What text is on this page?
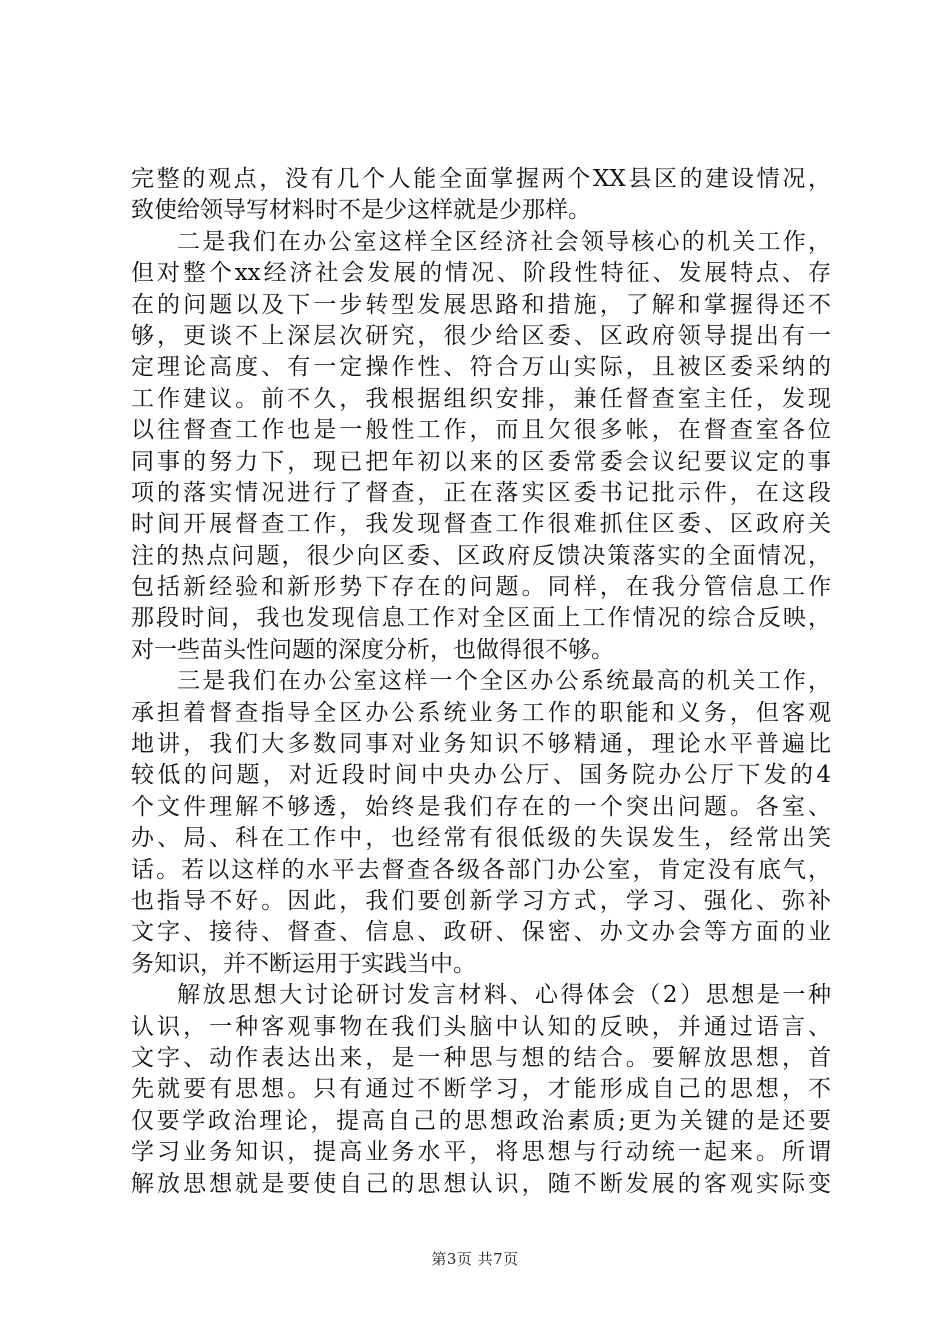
完整的观点，没有几个人能全面掌握两个XX县区的建设情况，
致使给领导写材料时不是少这样就是少那样。
二是我们在办公室这样全区经济社会领导核心的机关工作，
但对整个xx经济社会发展的情况、阶段性特征、发展特点、存
在的问题以及下一步转型发展思路和措施，了解和掌握得还不
够，更谈不上深层次研究，很少给区委、区政府领导提出有一
定理论高度、有一定操作性、符合万山实际，且被区委采纳的
工作建议。前不久，我根据组织安排，兼任督查室主任，发现
以往督查工作也是一般性工作，而且欠很多帐，在督查室各位
同事的努力下，现已把年初以来的区委常委会议纪要议定的事
项的落实情况进行了督查，正在落实区委书记批示件，在这段
时间开展督查工作，我发现督查工作很难抓住区委、区政府关
注的热点问题，很少向区委、区政府反馈决策落实的全面情况，
包括新经验和新形势下存在的问题。同样，在我分管信息工作
那段时间，我也发现信息工作对全区面上工作情况的综合反映，
对一些苗头性问题的深度分析，也做得很不够。
三是我们在办公室这样一个全区办公系统最高的机关工作，
承担着督查指导全区办公系统业务工作的职能和义务，但客观
地讲，我们大多数同事对业务知识不够精通，理论水平普遍比
较低的问题，对近段时间中央办公厅、国务院办公厅下发的4
个文件理解不够透，始终是我们存在的一个突出问题。各室、
办、局、科在工作中，也经常有很低级的失误发生，经常出笑
话。若以这样的水平去督查各级各部门办公室，肯定没有底气，
也指导不好。因此，我们要创新学习方式，学习、强化、弥补
文字、接待、督查、信息、政研、保密、办文办会等方面的业
务知识，并不断运用于实践当中。
解放思想大讨论研讨发言材料、心得体会（2）思想是一种
认识，一种客观事物在我们头脑中认知的反映，并通过语言、
文字、动作表达出来，是一种思与想的结合。要解放思想，首
先就要有思想。只有通过不断学习，才能形成自己的思想，不
仅要学政治理论，提高自己的思想政治素质;更为关键的是还要
学习业务知识，提高业务水平，将思想与行动统一起来。所谓
解放思想就是要使自己的思想认识，随不断发展的客观实际变
第3页 共7页
